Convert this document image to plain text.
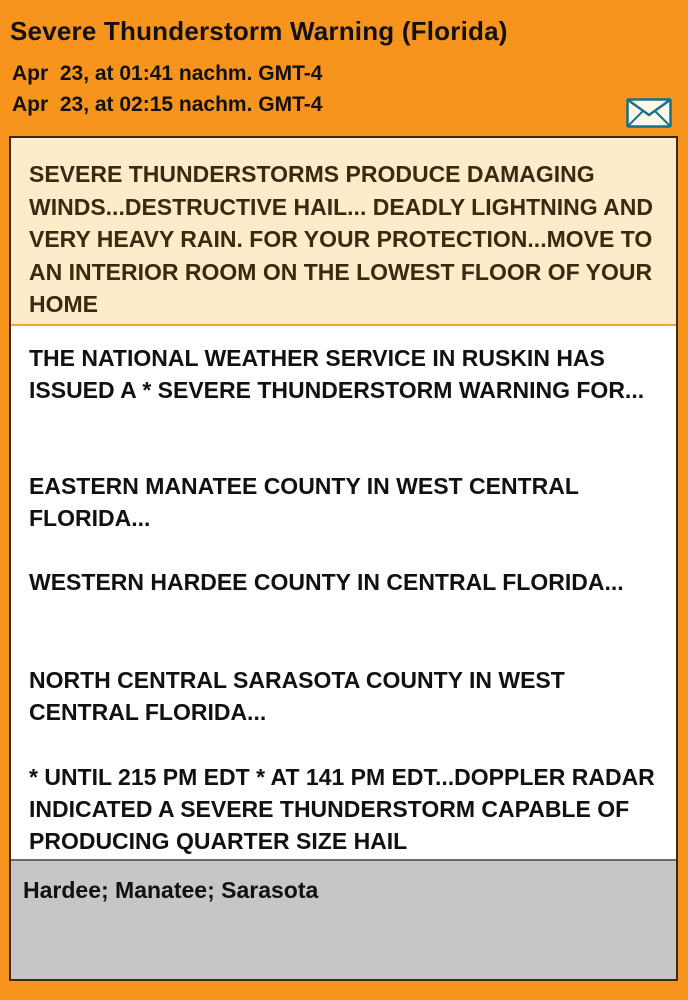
Severe Thunderstorm Warning (Florida)
Apr  23, at 01:41 nachm. GMT-4
Apr  23, at 02:15 nachm. GMT-4
SEVERE THUNDERSTORMS PRODUCE DAMAGING WINDS...DESTRUCTIVE HAIL... DEADLY LIGHTNING AND VERY HEAVY RAIN. FOR YOUR PROTECTION...MOVE TO AN INTERIOR ROOM ON THE LOWEST FLOOR OF YOUR HOME
THE NATIONAL WEATHER SERVICE IN RUSKIN HAS ISSUED A * SEVERE THUNDERSTORM WARNING FOR...
EASTERN MANATEE COUNTY IN WEST CENTRAL FLORIDA...
WESTERN HARDEE COUNTY IN CENTRAL FLORIDA...
NORTH CENTRAL SARASOTA COUNTY IN WEST CENTRAL FLORIDA...
* UNTIL 215 PM EDT * AT 141 PM EDT...DOPPLER RADAR INDICATED A SEVERE THUNDERSTORM CAPABLE OF PRODUCING QUARTER SIZE HAIL
Hardee; Manatee; Sarasota
